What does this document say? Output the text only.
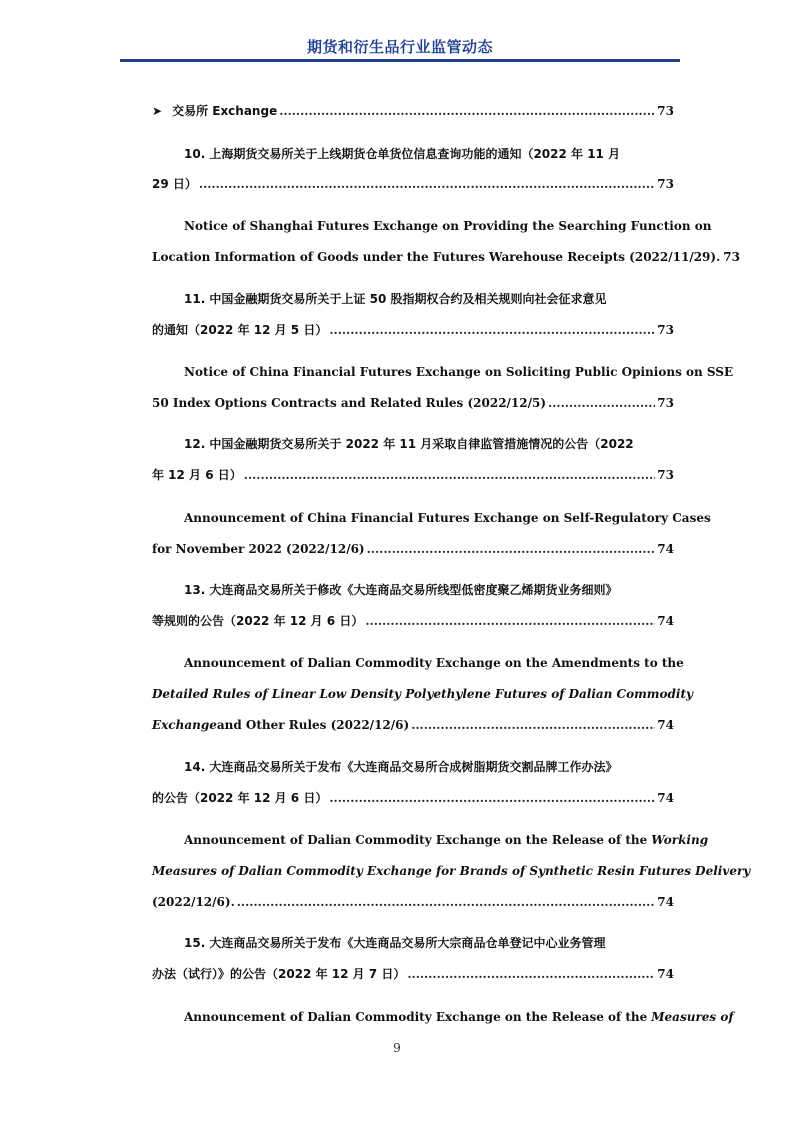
期货和衍生品行业监管动态
➤ 交易所 Exchange .....	73
10. 上海期货交易所关于上线期货仓单货位信息查询功能的通知（2022 年 11 月
29 日） .....	73
Notice of Shanghai Futures Exchange on Providing the Searching Function on
Location Information of Goods under the Futures Warehouse Receipts (2022/11/29). 73
11. 中国金融期货交易所关于上证 50 股指期权合约及相关规则向社会征求意见
的通知（2022 年 12 月 5 日） .....	73
Notice of China Financial Futures Exchange on Soliciting Public Opinions on SSE
50 Index Options Contracts and Related Rules (2022/12/5) .....	73
12. 中国金融期货交易所关于 2022 年 11 月采取自律监管措施情况的公告（2022
年 12 月 6 日） .....	73
Announcement of China Financial Futures Exchange on Self-Regulatory Cases
for November 2022 (2022/12/6) .....	74
13. 大连商品交易所关于修改《大连商品交易所线型低密度聚乙烯期货业务细则》
等规则的公告（2022 年 12 月 6 日） .....	74
Announcement of Dalian Commodity Exchange on the Amendments to the
Detailed Rules of Linear Low Density Polyethylene Futures of Dalian Commodity
Exchange and Other Rules (2022/12/6) .....	74
14. 大连商品交易所关于发布《大连商品交易所合成树脂期货交割品牌工作办法》
的公告（2022 年 12 月 6 日） .....	74
Announcement of Dalian Commodity Exchange on the Release of the Working
Measures of Dalian Commodity Exchange for Brands of Synthetic Resin Futures Delivery
(2022/12/6). .....	74
15. 大连商品交易所关于发布《大连商品交易所大宗商品仓单登记中心业务管理
办法（试行）》的公告（2022 年 12 月 7 日） .....	74
Announcement of Dalian Commodity Exchange on the Release of the Measures of
9
